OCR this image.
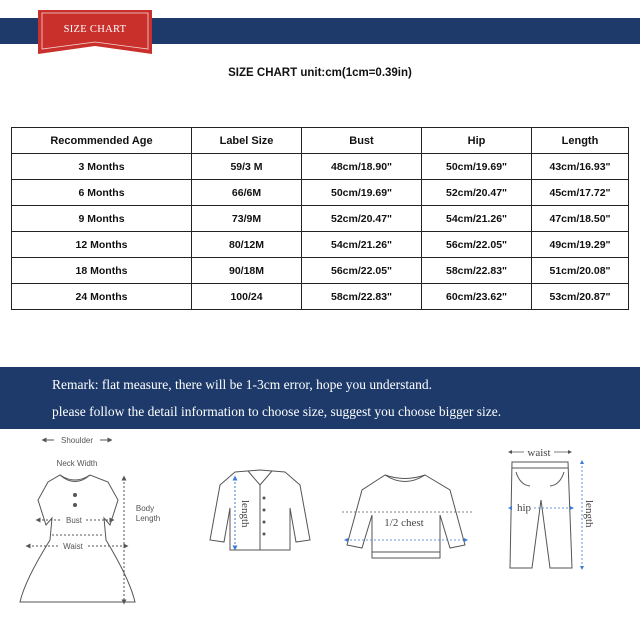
SIZE CHART
SIZE CHART unit:cm(1cm=0.39in)
Recommended Age	Label Size	Bust	Hip	Length
3 Months	59/3 M	48cm/18.90"	50cm/19.69"	43cm/16.93"
6 Months	66/6M	50cm/19.69"	52cm/20.47"	45cm/17.72"
9 Months	73/9M	52cm/20.47"	54cm/21.26"	47cm/18.50"
12 Months	80/12M	54cm/21.26"	56cm/22.05"	49cm/19.29"
18 Months	90/18M	56cm/22.05"	58cm/22.83"	51cm/20.08"
24 Months	100/24	58cm/22.83"	60cm/23.62"	53cm/20.87"
Remark: flat measure, there will be 1-3cm error, hope you understand.
please follow the detail information to choose size, suggest you choose bigger size.
Shoulder
Neck Width
Bust
Waist
Body
Length	length	1/2 chest
waist
hip	length
